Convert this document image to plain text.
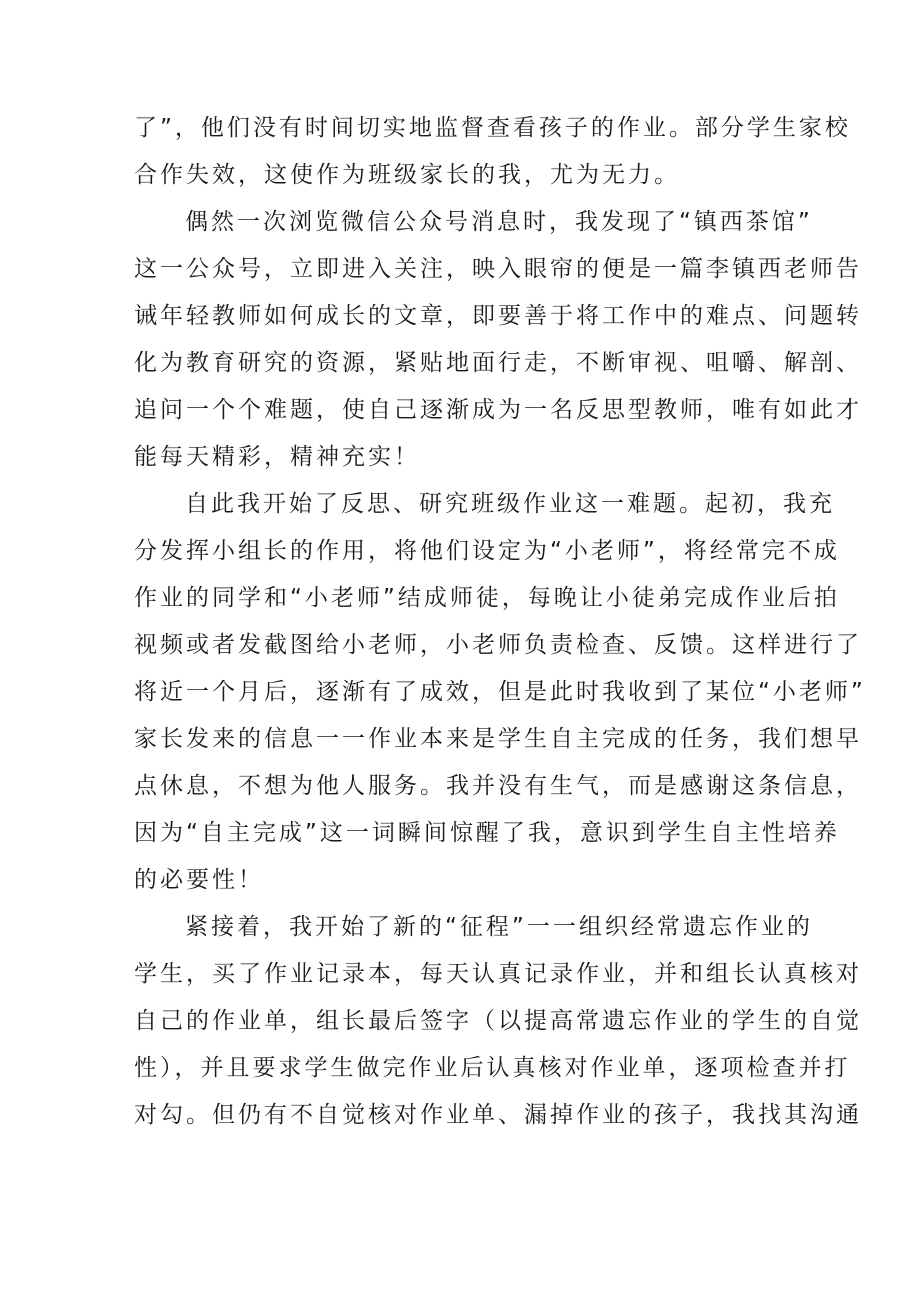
了”，他们没有时间切实地监督查看孩子的作业。部分学生家校
合作失效，这使作为班级家长的我，尤为无力。
偶然一次浏览微信公众号消息时，我发现了“镇西茶馆”
这一公众号，立即进入关注，映入眼帘的便是一篇李镇西老师告
诫年轻教师如何成长的文章，即要善于将工作中的难点、问题转
化为教育研究的资源，紧贴地面行走，不断审视、咀嚼、解剖、
追问一个个难题，使自己逐渐成为一名反思型教师，唯有如此才
能每天精彩，精神充实！
自此我开始了反思、研究班级作业这一难题。起初，我充
分发挥小组长的作用，将他们设定为“小老师”，将经常完不成
作业的同学和“小老师”结成师徒，每晚让小徒弟完成作业后拍
视频或者发截图给小老师，小老师负责检查、反馈。这样进行了
将近一个月后，逐渐有了成效，但是此时我收到了某位“小老师”
家长发来的信息一一作业本来是学生自主完成的任务，我们想早
点休息，不想为他人服务。我并没有生气，而是感谢这条信息，
因为“自主完成”这一词瞬间惊醒了我，意识到学生自主性培养
的必要性！
紧接着，我开始了新的“征程”一一组织经常遗忘作业的
学生，买了作业记录本，每天认真记录作业，并和组长认真核对
自己的作业单，组长最后签字（以提高常遗忘作业的学生的自觉
性），并且要求学生做完作业后认真核对作业单，逐项检查并打
对勾。但仍有不自觉核对作业单、漏掉作业的孩子，我找其沟通
